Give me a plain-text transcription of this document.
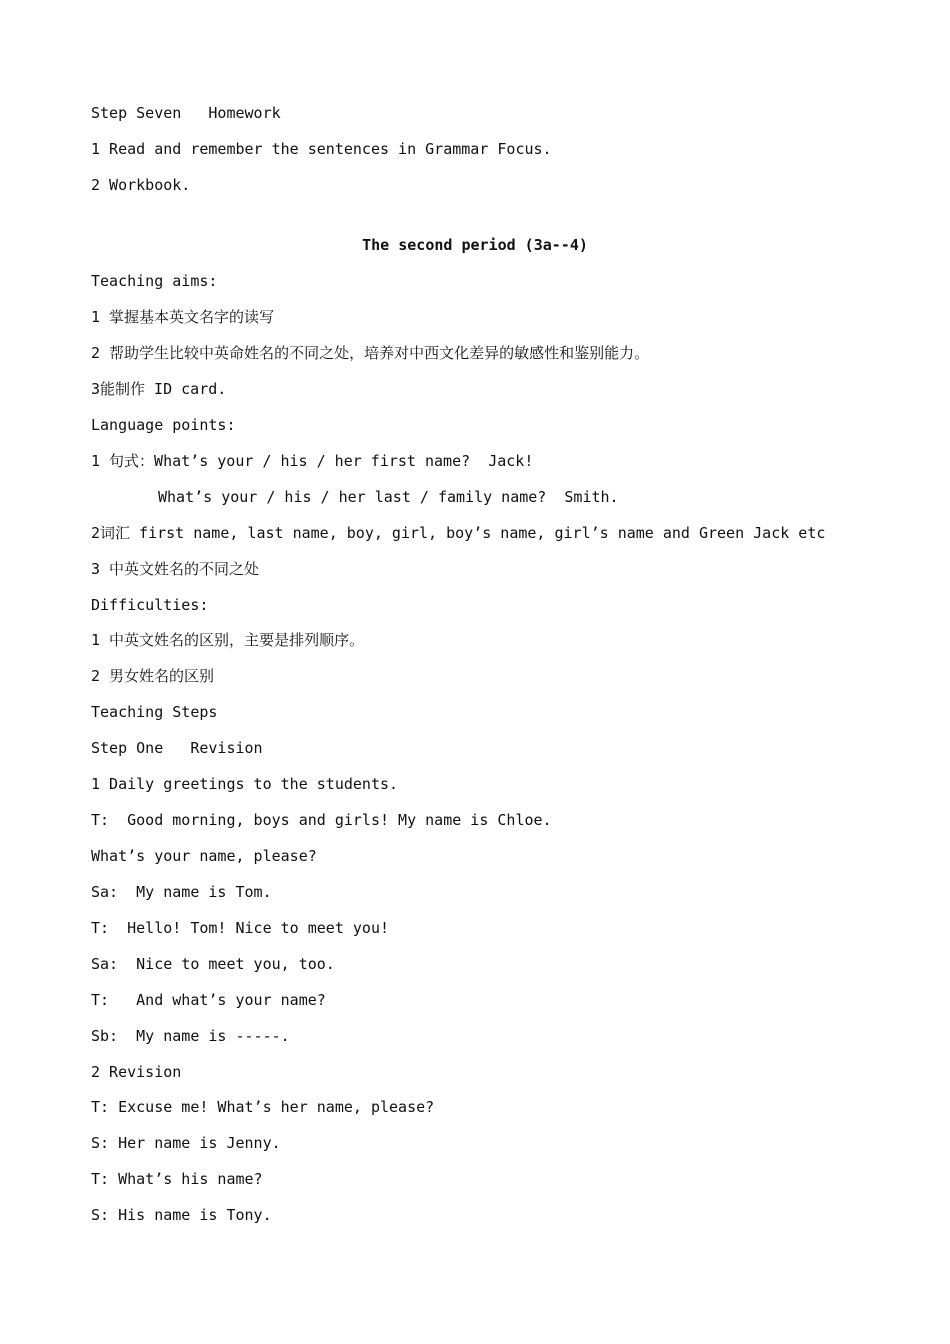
Step Seven   Homework
1 Read and remember the sentences in Grammar Focus.
2 Workbook.
The second period (3a--4)
Teaching aims:
1 掌握基本英文名字的读写
2 帮助学生比较中英命姓名的不同之处，培养对中西文化差异的敏感性和鉴别能力。
3能制作 ID card.
Language points:
1 句式：What’s your / his / her first name?  Jack!
What’s your / his / her last / family name?  Smith.
2词汇 first name, last name, boy, girl, boy’s name, girl’s name and Green Jack etc
3 中英文姓名的不同之处
Difficulties:
1 中英文姓名的区别，主要是排列顺序。
2 男女姓名的区别
Teaching Steps
Step One   Revision
1 Daily greetings to the students.
T:  Good morning, boys and girls! My name is Chloe.
What’s your name, please?
Sa:  My name is Tom.
T:  Hello! Tom! Nice to meet you!
Sa:  Nice to meet you, too.
T:   And what’s your name?
Sb:  My name is -----.
2 Revision
T: Excuse me! What’s her name, please?
S: Her name is Jenny.
T: What’s his name?
S: His name is Tony.
